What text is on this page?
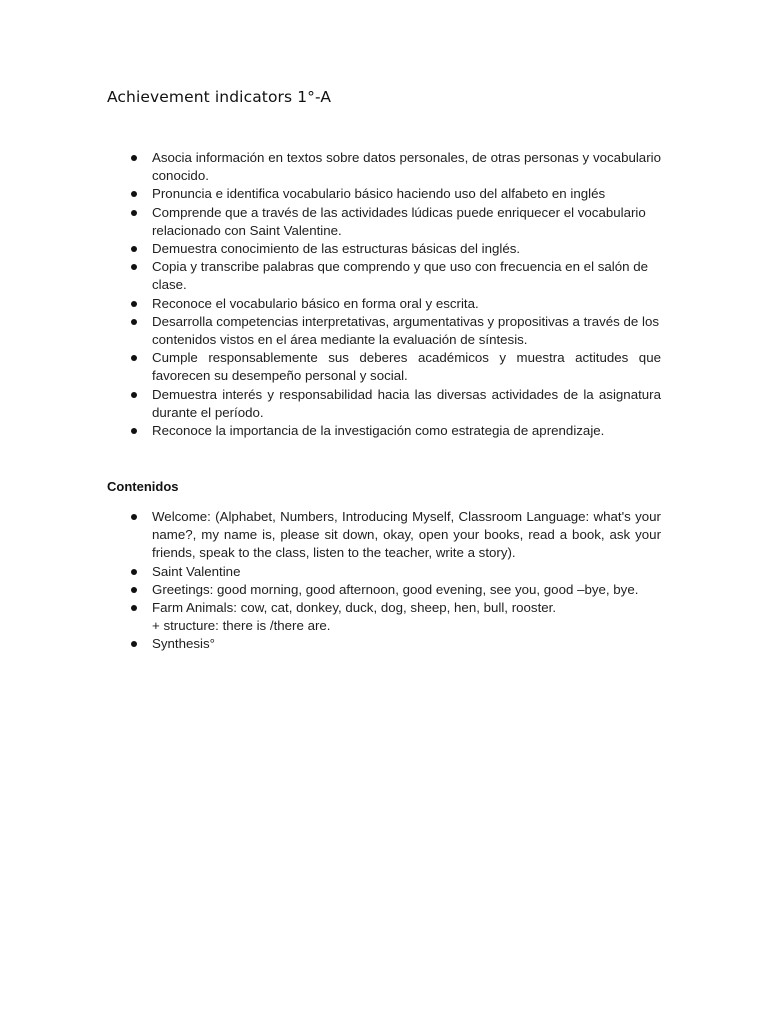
Achievement indicators 1°-A
Asocia información en textos sobre datos personales, de otras personas y vocabulario conocido.
Pronuncia e identifica vocabulario básico haciendo uso del alfabeto en inglés
Comprende que a través de las actividades lúdicas puede enriquecer el vocabulario relacionado con Saint Valentine.
Demuestra conocimiento de las estructuras básicas del inglés.
Copia y transcribe palabras que comprendo y que uso con frecuencia en el salón de clase.
Reconoce el vocabulario básico en forma oral y escrita.
Desarrolla competencias interpretativas, argumentativas y propositivas a través de los contenidos vistos en el área mediante la evaluación de síntesis.
Cumple responsablemente sus deberes académicos y muestra actitudes que favorecen su desempeño personal y social.
Demuestra interés y responsabilidad hacia las diversas actividades de la asignatura durante el período.
Reconoce la importancia de la investigación como estrategia de aprendizaje.
Contenidos
Welcome: (Alphabet, Numbers, Introducing Myself, Classroom Language: what's your name?, my name is, please sit down, okay, open your books, read a book, ask your friends, speak to the class, listen to the teacher, write a story).
Saint Valentine
Greetings: good morning, good afternoon, good evening, see you, good –bye, bye.
Farm Animals: cow, cat, donkey, duck, dog, sheep, hen, bull, rooster.
+ structure: there is /there are.
Synthesis°
